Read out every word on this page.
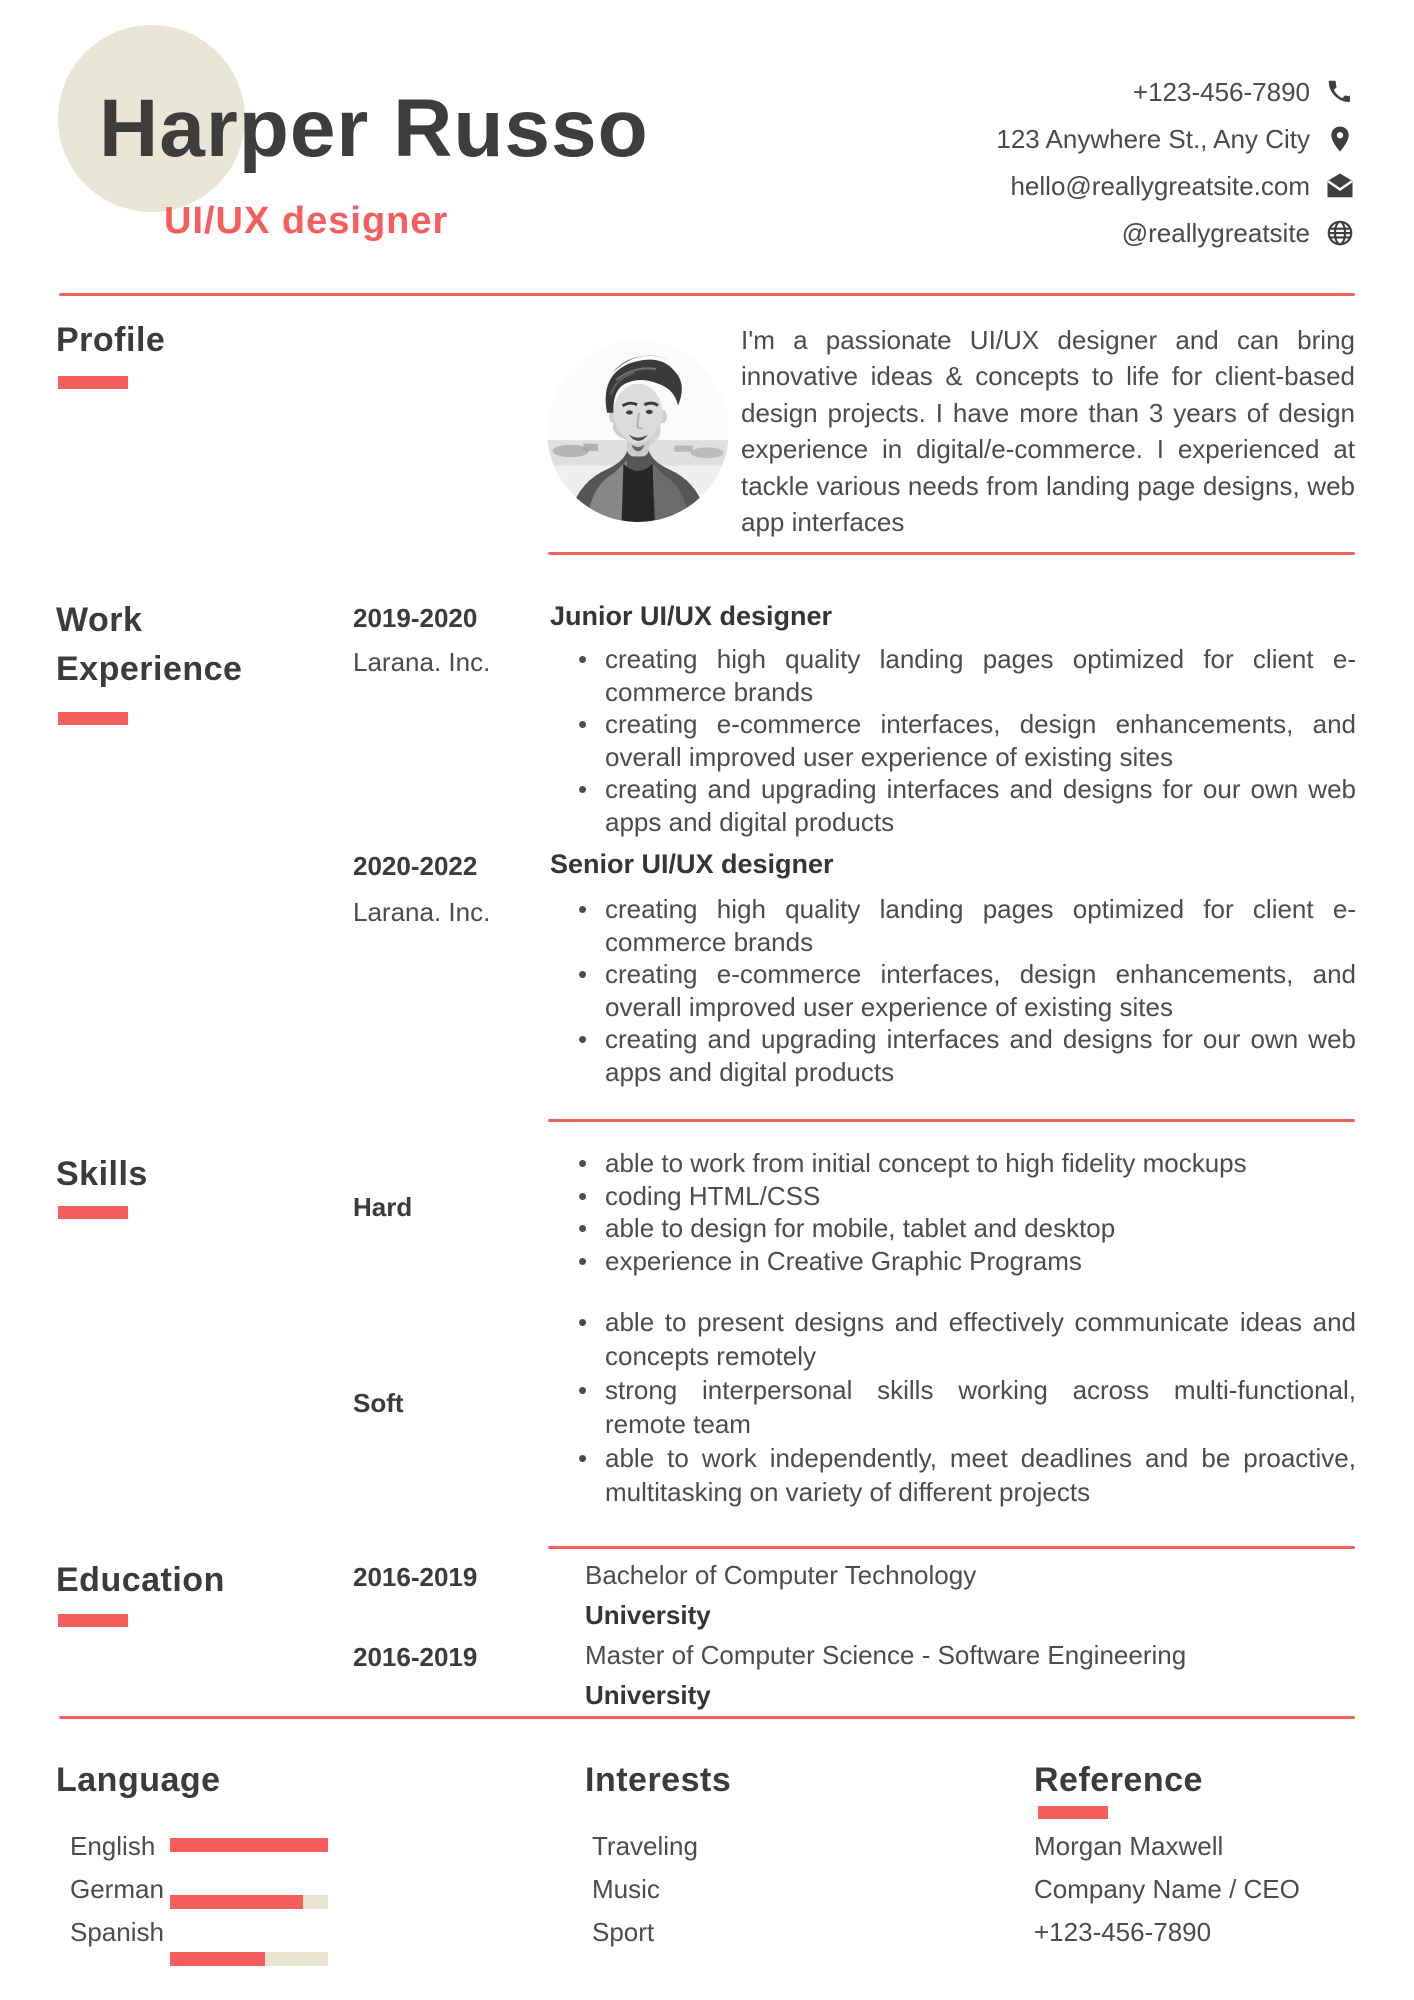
Harper Russo
UI/UX designer
+123-456-7890
123 Anywhere St., Any City
hello@reallygreatsite.com
@reallygreatsite
Profile	I'm a passionate UI/UX designer and can bring innovative ideas & concepts to life for client-based design projects. I have more than 3 years of design experience in digital/e-commerce. I experienced at tackle various needs from landing page designs, web app interfaces
Work
Experience
2019-2020	Junior UI/UX designer
Larana. Inc.	• creating high quality landing pages optimized for client e-commerce brands
• creating e-commerce interfaces, design enhancements, and overall improved user experience of existing sites
• creating and upgrading interfaces and designs for our own web apps and digital products
2020-2022	Senior UI/UX designer
Larana. Inc.	• creating high quality landing pages optimized for client e-commerce brands
• creating e-commerce interfaces, design enhancements, and overall improved user experience of existing sites
• creating and upgrading interfaces and designs for our own web apps and digital products
Skills
Hard
• able to work from initial concept to high fidelity mockups
• coding HTML/CSS
• able to design for mobile, tablet and desktop
• experience in Creative Graphic Programs
Soft
• able to present designs and effectively communicate ideas and concepts remotely
• strong interpersonal skills working across multi-functional, remote team
• able to work independently, meet deadlines and be proactive, multitasking on variety of different projects
Education	2016-2019	Bachelor of Computer Technology
University
2016-2019	Master of Computer Science - Software Engineering
University
Language
English
German
Spanish
Interests
Traveling
Music
Sport
Reference
Morgan Maxwell
Company Name / CEO
+123-456-7890
